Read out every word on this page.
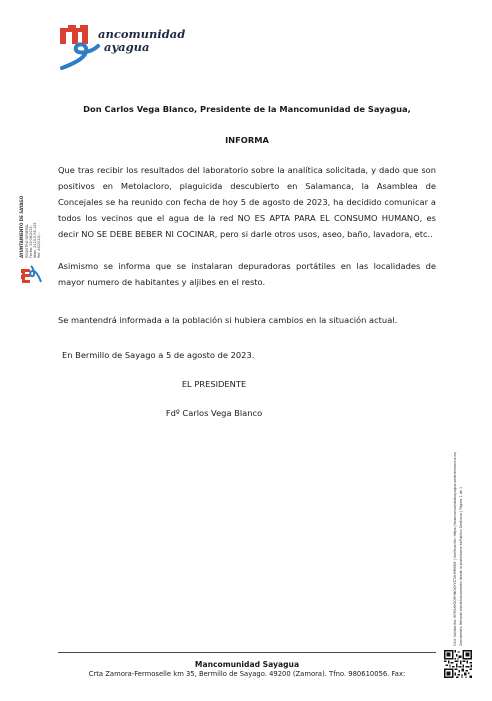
ancomunidad
ayagua
AYUNTAMIENTO DE SAYAGO REGISTRO GENERAL Fecha: 05/08/2023 Núm. 2023-E-RE-125 Ref. AS/2023/...
Don Carlos Vega Blanco, Presidente de la Mancomunidad de Sayagua,
INFORMA
Que tras recibir los resultados del laboratorio sobre la analítica solicitada, y dado que son
positivos en Metolacloro, plaguicida descubierto en Salamanca, la Asamblea de
Concejales se ha reunido con fecha de hoy 5 de agosto de 2023, ha decidido comunicar a
todos los vecinos que el agua de la red NO ES APTA PARA EL CONSUMO HUMANO, es
decir NO SE DEBE BEBER NI COCINAR, pero si darle otros usos, aseo, baño, lavadora, etc..
Asimismo se informa que se instalaran depuradoras portátiles en las localidades de
mayor numero de habitantes y aljibes en el resto.
Se mantendrá informada a la población si hubiera cambios en la situación actual.
En Bermillo de Sayago a 5 de agosto de 2023.
EL PRESIDENTE
Fdº Carlos Vega Blanco
Cód. Validación: 6RRSAYGQRHNGQYYZ7AHMMXW | Verificación: https://mancomunidadsayagua.sedelectronica.es/ Documento firmado electrónicamente desde la plataforma esPublico Gestiona | Página 1 de 1
Mancomunidad Sayagua
Crta Zamora-Fermoselle km 35, Bermillo de Sayago. 49200 (Zamora). Tfno. 980610056. Fax:
